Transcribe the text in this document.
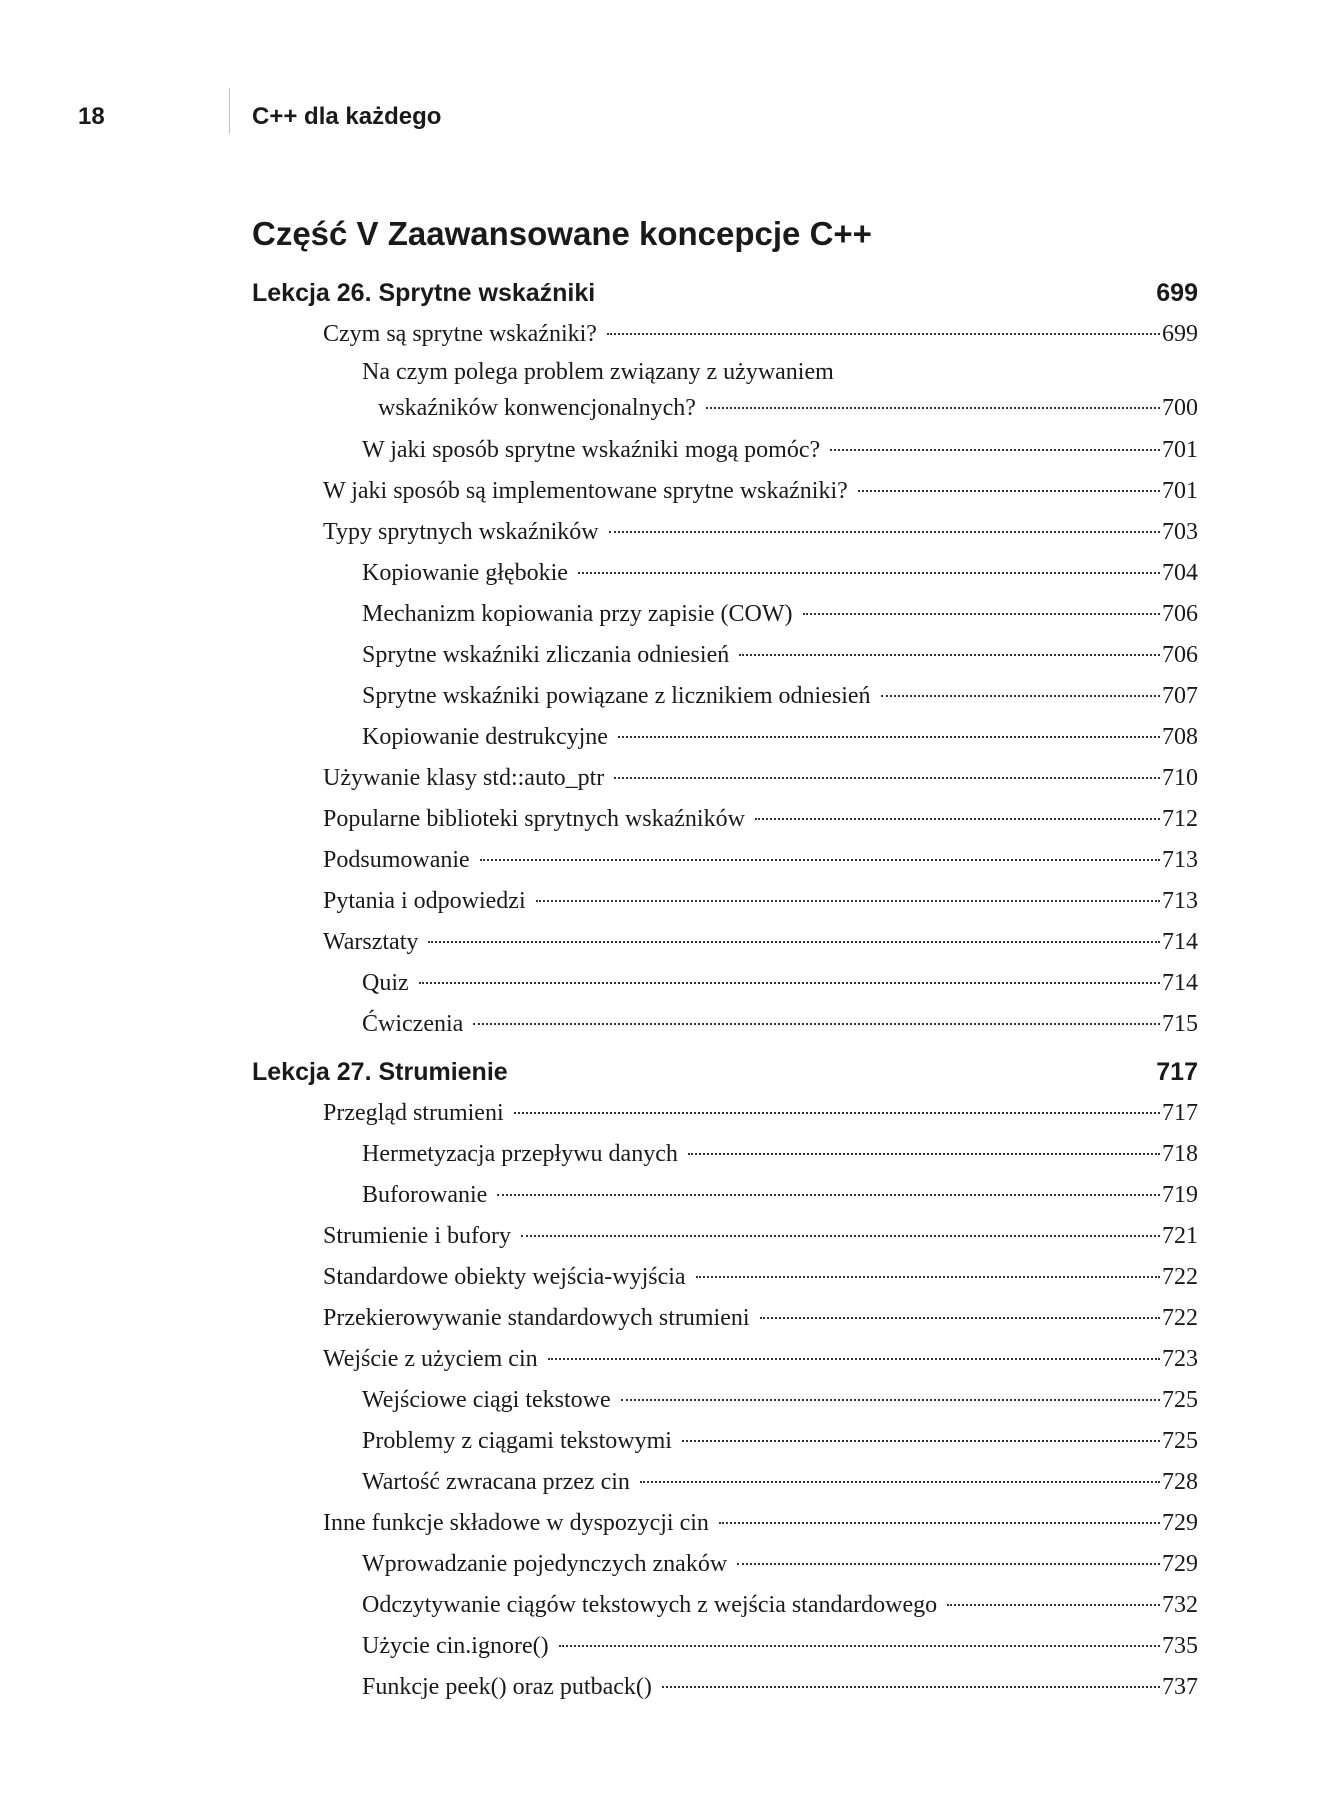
18	C++ dla każdego
Część V Zaawansowane koncepcje C++
Lekcja 26. Sprytne wskaźniki	699
Czym są sprytne wskaźniki?	699
Na czym polega problem związany z używaniem
wskaźników konwencjonalnych?	700
W jaki sposób sprytne wskaźniki mogą pomóc?	701
W jaki sposób są implementowane sprytne wskaźniki?	701
Typy sprytnych wskaźników	703
Kopiowanie głębokie	704
Mechanizm kopiowania przy zapisie (COW)	706
Sprytne wskaźniki zliczania odniesień	706
Sprytne wskaźniki powiązane z licznikiem odniesień	707
Kopiowanie destrukcyjne	708
Używanie klasy std::auto_ptr	710
Popularne biblioteki sprytnych wskaźników	712
Podsumowanie	713
Pytania i odpowiedzi	713
Warsztaty	714
Quiz	714
Ćwiczenia	715
Lekcja 27. Strumienie	717
Przegląd strumieni	717
Hermetyzacja przepływu danych	718
Buforowanie	719
Strumienie i bufory	721
Standardowe obiekty wejścia-wyjścia	722
Przekierowywanie standardowych strumieni	722
Wejście z użyciem cin	723
Wejściowe ciągi tekstowe	725
Problemy z ciągami tekstowymi	725
Wartość zwracana przez cin	728
Inne funkcje składowe w dyspozycji cin	729
Wprowadzanie pojedynczych znaków	729
Odczytywanie ciągów tekstowych z wejścia standardowego	732
Użycie cin.ignore()	735
Funkcje peek() oraz putback()	737
